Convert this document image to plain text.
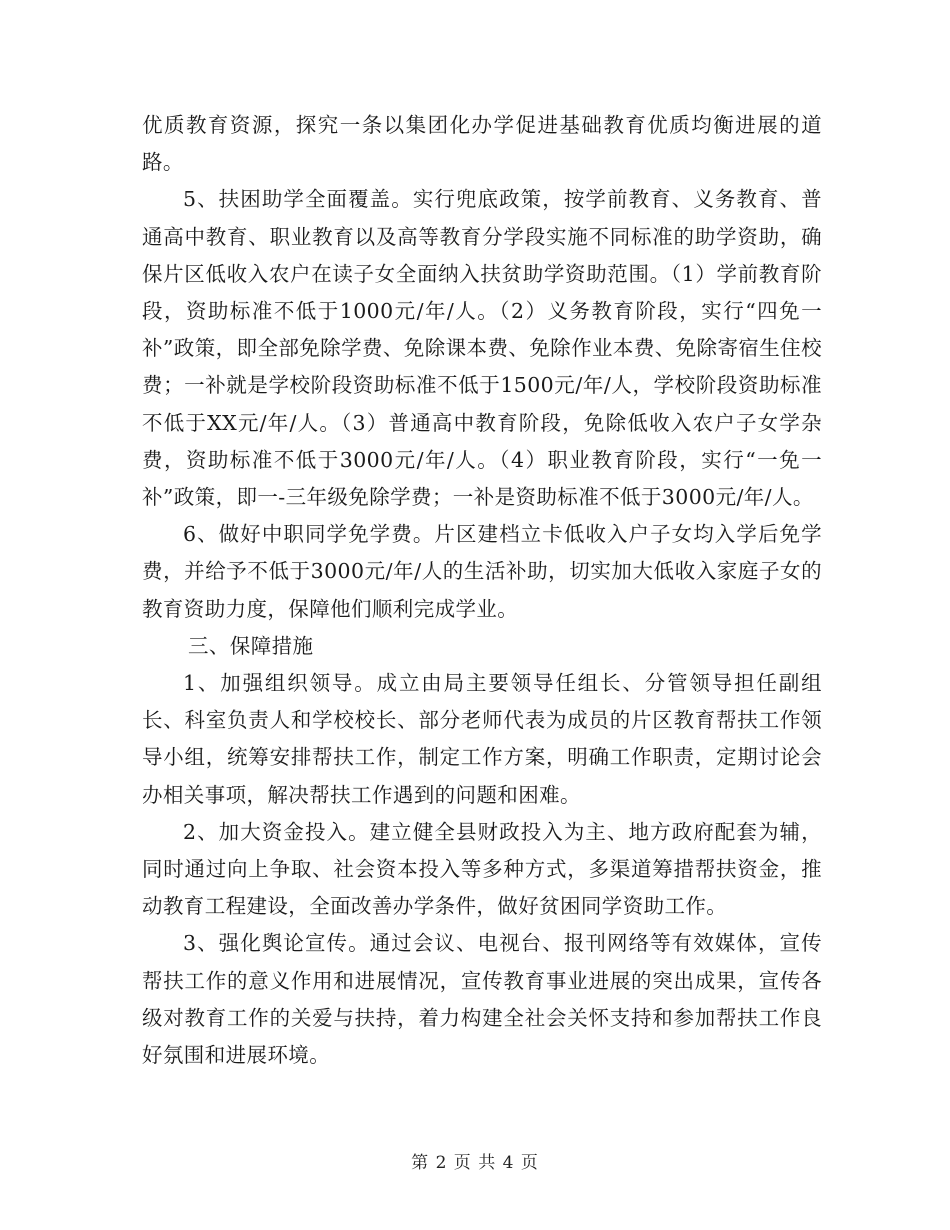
优质教育资源，探究一条以集团化办学促进基础教育优质均衡进展的道路。

5、扶困助学全面覆盖。实行兜底政策，按学前教育、义务教育、普通高中教育、职业教育以及高等教育分学段实施不同标准的助学资助，确保片区低收入农户在读子女全面纳入扶贫助学资助范围。（1）学前教育阶段，资助标准不低于1000元/年/人。（2）义务教育阶段，实行“四免一补”政策，即全部免除学费、免除课本费、免除作业本费、免除寄宿生住校费；一补就是学校阶段资助标准不低于1500元/年/人，学校阶段资助标准不低于XX元/年/人。（3）普通高中教育阶段，免除低收入农户子女学杂费，资助标准不低于3000元/年/人。（4）职业教育阶段，实行“一免一补”政策，即一-三年级免除学费；一补是资助标准不低于3000元/年/人。

6、做好中职同学免学费。片区建档立卡低收入户子女均入学后免学费，并给予不低于3000元/年/人的生活补助，切实加大低收入家庭子女的教育资助力度，保障他们顺利完成学业。

三、保障措施

1、加强组织领导。成立由局主要领导任组长、分管领导担任副组长、科室负责人和学校校长、部分老师代表为成员的片区教育帮扶工作领导小组，统筹安排帮扶工作，制定工作方案，明确工作职责，定期讨论会办相关事项，解决帮扶工作遇到的问题和困难。

2、加大资金投入。建立健全县财政投入为主、地方政府配套为辅，同时通过向上争取、社会资本投入等多种方式，多渠道筹措帮扶资金，推动教育工程建设，全面改善办学条件，做好贫困同学资助工作。

3、强化舆论宣传。通过会议、电视台、报刊网络等有效媒体，宣传帮扶工作的意义作用和进展情况，宣传教育事业进展的突出成果，宣传各级对教育工作的关爱与扶持，着力构建全社会关怀支持和参加帮扶工作良好氛围和进展环境。

第 2 页 共 4 页
